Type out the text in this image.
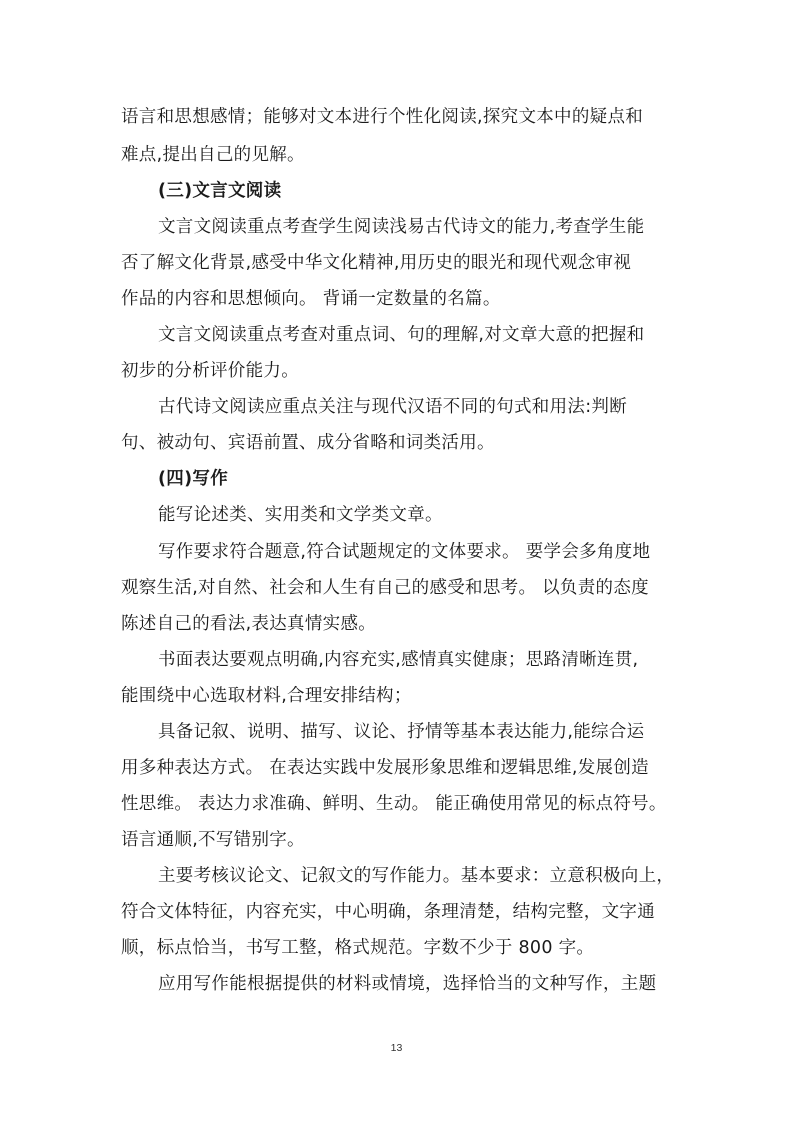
语言和思想感情；能够对文本进行个性化阅读,探究文本中的疑点和
难点,提出自己的见解。
(三)文言文阅读
文言文阅读重点考查学生阅读浅易古代诗文的能力,考查学生能
否了解文化背景,感受中华文化精神,用历史的眼光和现代观念审视
作品的内容和思想倾向。 背诵一定数量的名篇。
文言文阅读重点考查对重点词、句的理解,对文章大意的把握和
初步的分析评价能力。
古代诗文阅读应重点关注与现代汉语不同的句式和用法:判断
句、被动句、宾语前置、成分省略和词类活用。
(四)写作
能写论述类、实用类和文学类文章。
写作要求符合题意,符合试题规定的文体要求。 要学会多角度地
观察生活,对自然、社会和人生有自己的感受和思考。 以负责的态度
陈述自己的看法,表达真情实感。
书面表达要观点明确,内容充实,感情真实健康；思路清晰连贯,
能围绕中心选取材料,合理安排结构；
具备记叙、说明、描写、议论、抒情等基本表达能力,能综合运
用多种表达方式。 在表达实践中发展形象思维和逻辑思维,发展创造
性思维。 表达力求准确、鲜明、生动。 能正确使用常见的标点符号。
语言通顺,不写错别字。
主要考核议论文、记叙文的写作能力。基本要求：立意积极向上，
符合文体特征，内容充实，中心明确，条理清楚，结构完整，文字通
顺，标点恰当，书写工整，格式规范。字数不少于 800 字。
应用写作能根据提供的材料或情境，选择恰当的文种写作，主题
13
